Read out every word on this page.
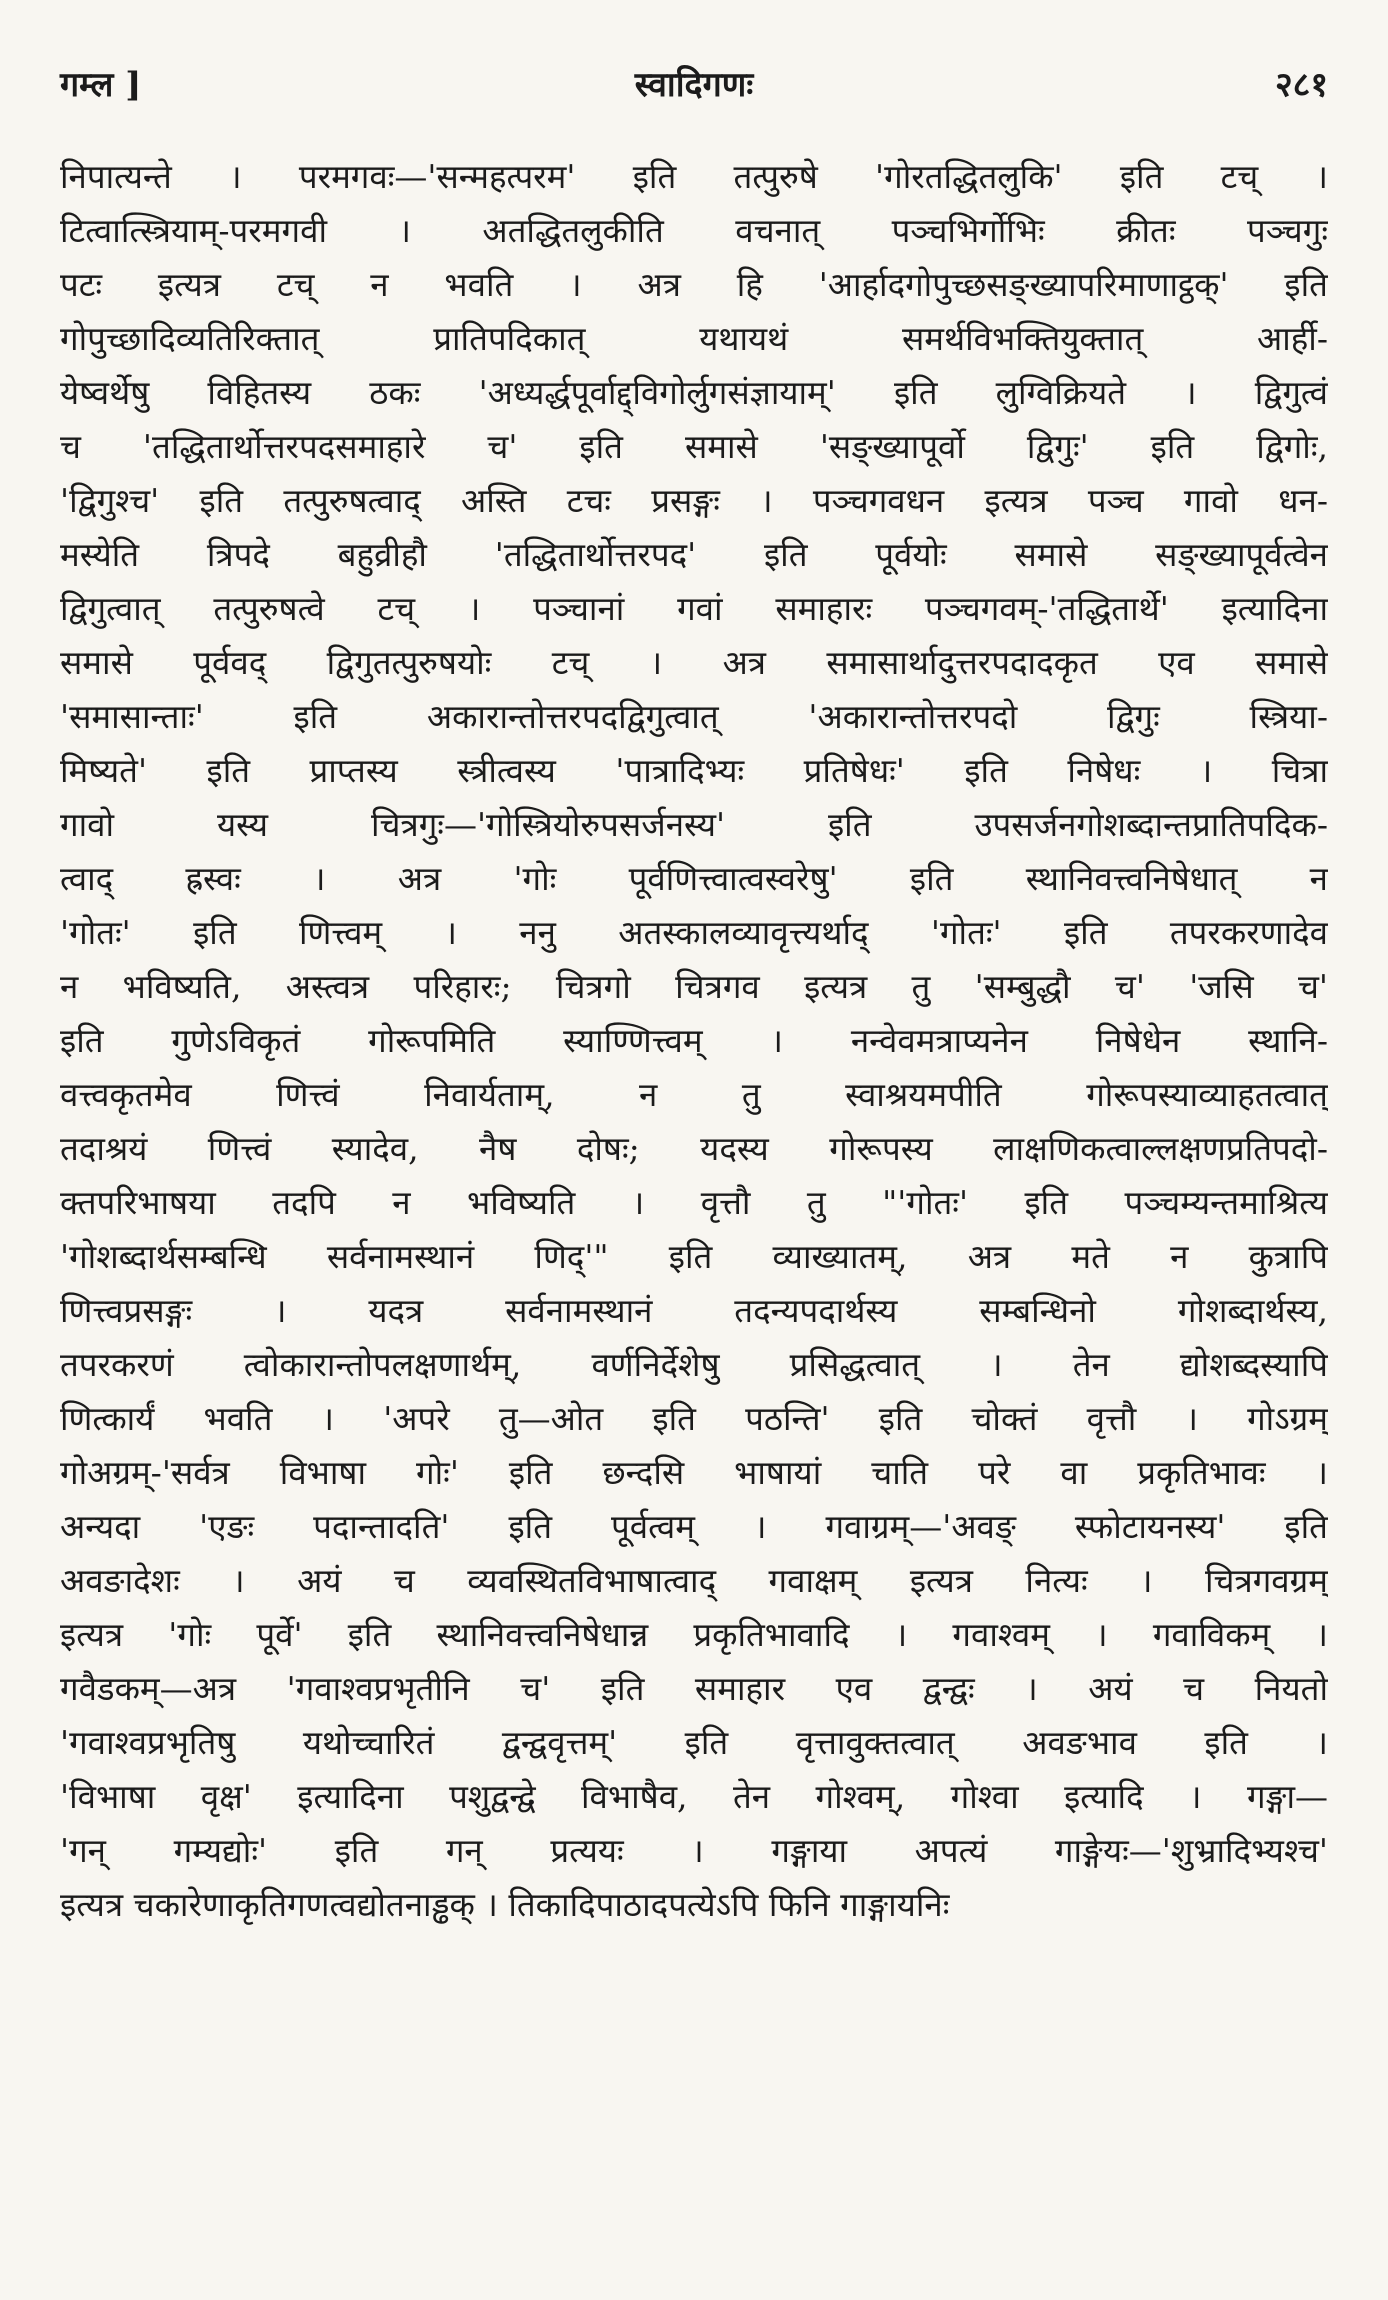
गम्ल ]	स्वादिगणः	२८१
निपात्यन्ते । परमगवः—'सन्महत्परम' इति तत्पुरुषे 'गोरतद्धितलुकि' इति टच् ।
टित्वात्स्त्रियाम्-परमगवी । अतद्धितलुकीति वचनात् पञ्चभिर्गोभिः क्रीतः पञ्चगुः
पटः इत्यत्र टच् न भवति । अत्र हि 'आर्हादगोपुच्छसङ्ख्यापरिमाणाट्ठक्' इति
गोपुच्छादिव्यतिरिक्तात् प्रातिपदिकात् यथायथं समर्थविभक्तियुक्तात् आर्ही-
येष्वर्थेषु विहितस्य ठकः 'अध्यर्द्धपूर्वाद्द्विगोर्लुगसंज्ञायाम्' इति लुग्विक्रियते । द्विगुत्वं
च 'तद्धितार्थोत्तरपदसमाहारे च' इति समासे 'सङ्ख्यापूर्वो द्विगुः' इति द्विगोः,
'द्विगुश्च' इति तत्पुरुषत्वाद् अस्ति टचः प्रसङ्गः । पञ्चगवधन इत्यत्र पञ्च गावो धन-
मस्येति त्रिपदे बहुव्रीहौ 'तद्धितार्थोत्तरपद' इति पूर्वयोः समासे सङ्ख्यापूर्वत्वेन
द्विगुत्वात् तत्पुरुषत्वे टच् । पञ्चानां गवां समाहारः पञ्चगवम्-'तद्धितार्थे' इत्यादिना
समासे पूर्ववद् द्विगुतत्पुरुषयोः टच् । अत्र समासार्थादुत्तरपदादकृत एव समासे
'समासान्ताः' इति अकारान्तोत्तरपदद्विगुत्वात् 'अकारान्तोत्तरपदो द्विगुः स्त्रिया-
मिष्यते' इति प्राप्तस्य स्त्रीत्वस्य 'पात्रादिभ्यः प्रतिषेधः' इति निषेधः । चित्रा
गावो यस्य चित्रगुः—'गोस्त्रियोरुपसर्जनस्य' इति उपसर्जनगोशब्दान्तप्रातिपदिक-
त्वाद् ह्रस्वः । अत्र 'गोः पूर्वणित्त्वात्वस्वरेषु' इति स्थानिवत्त्वनिषेधात् न
'गोतः' इति णित्त्वम् । ननु अतस्कालव्यावृत्त्यर्थाद् 'गोतः' इति तपरकरणादेव
न भविष्यति, अस्त्वत्र परिहारः; चित्रगो चित्रगव इत्यत्र तु 'सम्बुद्धौ च' 'जसि च'
इति गुणेऽविकृतं गोरूपमिति स्याण्णित्त्वम् । नन्वेवमत्राप्यनेन निषेधेन स्थानि-
वत्त्वकृतमेव णित्त्वं निवार्यताम्, न तु स्वाश्रयमपीति गोरूपस्याव्याहतत्वात्
तदाश्रयं णित्त्वं स्यादेव, नैष दोषः; यदस्य गोरूपस्य लाक्षणिकत्वाल्लक्षणप्रतिपदो-
क्तपरिभाषया तदपि न भविष्यति । वृत्तौ तु "'गोतः' इति पञ्चम्यन्तमाश्रित्य
'गोशब्दार्थसम्बन्धि सर्वनामस्थानं णिद्'" इति व्याख्यातम्, अत्र मते न कुत्रापि
णित्त्वप्रसङ्गः । यदत्र सर्वनामस्थानं तदन्यपदार्थस्य सम्बन्धिनो गोशब्दार्थस्य,
तपरकरणं त्वोकारान्तोपलक्षणार्थम्, वर्णनिर्देशेषु प्रसिद्धत्वात् । तेन द्योशब्दस्यापि
णित्कार्यं भवति । 'अपरे तु—ओत इति पठन्ति' इति चोक्तं वृत्तौ । गोऽग्रम्
गोअग्रम्-'सर्वत्र विभाषा गोः' इति छन्दसि भाषायां चाति परे वा प्रकृतिभावः ।
अन्यदा 'एङः पदान्तादति' इति पूर्वत्वम् । गवाग्रम्—'अवङ् स्फोटायनस्य' इति
अवङादेशः । अयं च व्यवस्थितविभाषात्वाद् गवाक्षम् इत्यत्र नित्यः । चित्रगवग्रम्
इत्यत्र 'गोः पूर्वे' इति स्थानिवत्त्वनिषेधान्न प्रकृतिभावादि । गवाश्वम् । गवाविकम् ।
गवैडकम्—अत्र 'गवाश्वप्रभृतीनि च' इति समाहार एव द्वन्द्वः । अयं च नियतो
'गवाश्वप्रभृतिषु यथोच्चारितं द्वन्द्ववृत्तम्' इति वृत्तावुक्तत्वात् अवङभाव इति ।
'विभाषा वृक्ष' इत्यादिना पशुद्वन्द्वे विभाषैव, तेन गोश्वम्, गोश्वा इत्यादि । गङ्गा—
'गन् गम्यद्योः' इति गन् प्रत्ययः । गङ्गाया अपत्यं गाङ्गेयः—'शुभ्रादिभ्यश्च'
इत्यत्र चकारेणाकृतिगणत्वद्योतनाड्ढक् । तिकादिपाठादपत्येऽपि फिनि गाङ्गायनिः
